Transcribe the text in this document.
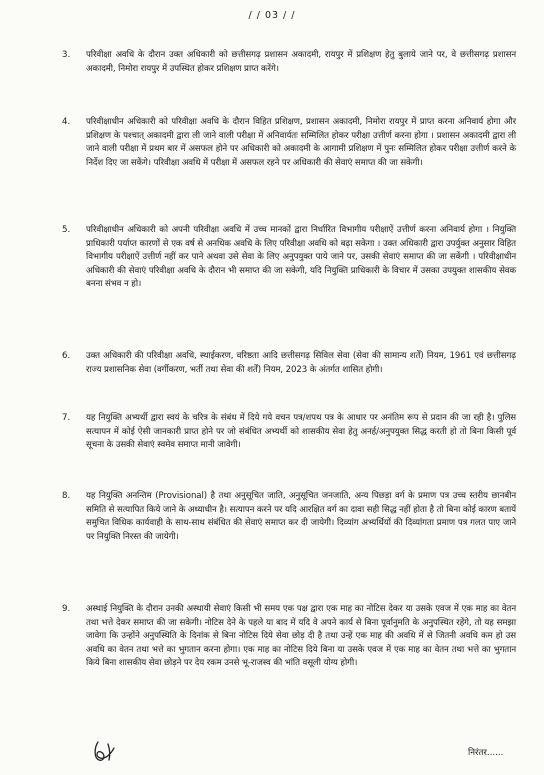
/ / 03 / /
3. परिवीक्षा अवधि के दौरान उक्त अधिकारी को छत्तीसगढ़ प्रशासन अकादमी, रायपुर में प्रशिक्षण हेतु बुलाये जाने पर, वे छत्तीसगढ़ प्रशासन अकादमी, निमोरा रायपुर में उपस्थित होकर प्रशिक्षण प्राप्त करेंगे।
4. परिवीक्षाधीन अधिकारी को परिवीक्षा अवधि के दौरान विहित प्रशिक्षण, प्रशासन अकादमी, निमोरा रायपुर में प्राप्त करना अनिवार्य होगा और प्रशिक्षण के पश्चात् अकादमी द्वारा ली जाने वाली परीक्षा में अनिवार्यतः सम्मिलित होकर परीक्षा उत्तीर्ण करना होगा । प्रशासन अकादमी द्वारा ली जाने वाली परीक्षा में प्रथम बार में असफल होने पर अधिकारी को अकादमी के आगामी प्रशिक्षण में पुनः सम्मिलित होकर परीक्षा उत्तीर्ण करने के निर्देश दिए जा सकेंगे। परिवीक्षा अवधि में परीक्षा में असफल रहने पर अधिकारी की सेवाएं समाप्त की जा सकेगी।
5. परिवीक्षाधीन अधिकारी को अपनी परिवीक्षा अवधि में उच्च मानकों द्वारा निर्धारित विभागीय परीक्षाऐं उत्तीर्ण करना अनिवार्य होगा । नियुक्ति प्राधिकारी पर्याप्त कारणों से एक वर्ष से अनधिक अवधि के लिए परिवीक्षा अवधि को बढ़ा सकेगा । उक्त अधिकारी द्वारा उपर्युक्त अनुसार विहित विभागीय परीक्षाऐं उत्तीर्ण नहीं कर पाने अथवा उसे सेवा के लिए अनुपयुक्त पाये जाने पर, उसकी सेवाएं समाप्त की जा सकेंगी । परिवीक्षाधीन अधिकारी की सेवाएं परिवीक्षा अवधि के दौरान भी समाप्त की जा सकेगी, यदि नियुक्ति प्राधिकारी के विचार में उसका उपयुक्त शासकीय सेवक बनना संभव न हो।
6. उक्त अधिकारी की परिवीक्षा अवधि, स्थाईकरण, वरिष्ठता आदि छत्तीसगढ़ सिविल सेवा (सेवा की सामान्य शर्तें) नियम, 1961 एवं छत्तीसगढ़ राज्य प्रशासनिक सेवा (वर्गीकरण, भर्ती तथा सेवा की शर्तें) नियम, 2023 के अंतर्गत शासित होगी।
7. यह नियुक्ति अभ्यर्थी द्वारा स्वयं के चरित्र के संबंध में दिये गये वचन पत्र/शपथ पत्र के आधार पर अनंतिम रूप से प्रदान की जा रही है। पुलिस सत्यापन में कोई ऐसी जानकारी प्राप्त होने पर जो संबंधित अभ्यर्थी को शासकीय सेवा हेतु अनर्ह/अनुपयुक्त सिद्ध करती हो तो बिना किसी पूर्व सूचना के उसकी सेवाएं स्वमेव समाप्त मानी जावेगी।
8. यह नियुक्ति अनन्तिम (Provisional) है तथा अनुसूचित जाति, अनुसूचित जनजाति, अन्य पिछड़ा वर्ग के प्रमाण पत्र उच्च स्तरीय छानबीन समिति से सत्यापित किये जाने के अध्याधीन है। सत्यापन करने पर यदि आरक्षित वर्ग का दावा सही सिद्ध नहीं होता है तो बिना कोई कारण बतायें समुचित विधिक कार्यवाही के साथ-साथ संबंधित की सेवाएं समाप्त कर दी जायेगी। दिव्यांग अभ्यर्थियों की दिव्यांगता प्रमाण पत्र गलत पाए जाने पर नियुक्ति निरस्त की जायेगी।
9. अस्थाई नियुक्ति के दौरान उनकी अस्थायी सेवाएं किसी भी समय एक पक्ष द्वारा एक माह का नोटिस देकर या उसके एवज में एक माह का वेतन तथा भत्ते देकर समाप्त की जा सकेगी। नोटिस देने के पहले या बाद में यदि वे अपने कार्य से बिना पूर्वानुमति के अनुपस्थित रहेंगे, तो यह समझा जावेगा कि उन्होंने अनुपस्थिति के दिनांक से बिना नोटिस दिये सेवा छोड़ दी है तथा उन्हें एक माह की अवधि में से जितनी अवधि कम हो उस अवधि का वेतन तथा भत्ते का भुगतान करना होगा। एक माह का नोटिस दिये बिना या उसके एवज में एक माह का वेतन तथा भत्ते का भुगतान किये बिना शासकीय सेवा छोड़ने पर देय रकम उनसे भू-राजस्व की भांति वसूली योग्य होगी।
निरंतर......
